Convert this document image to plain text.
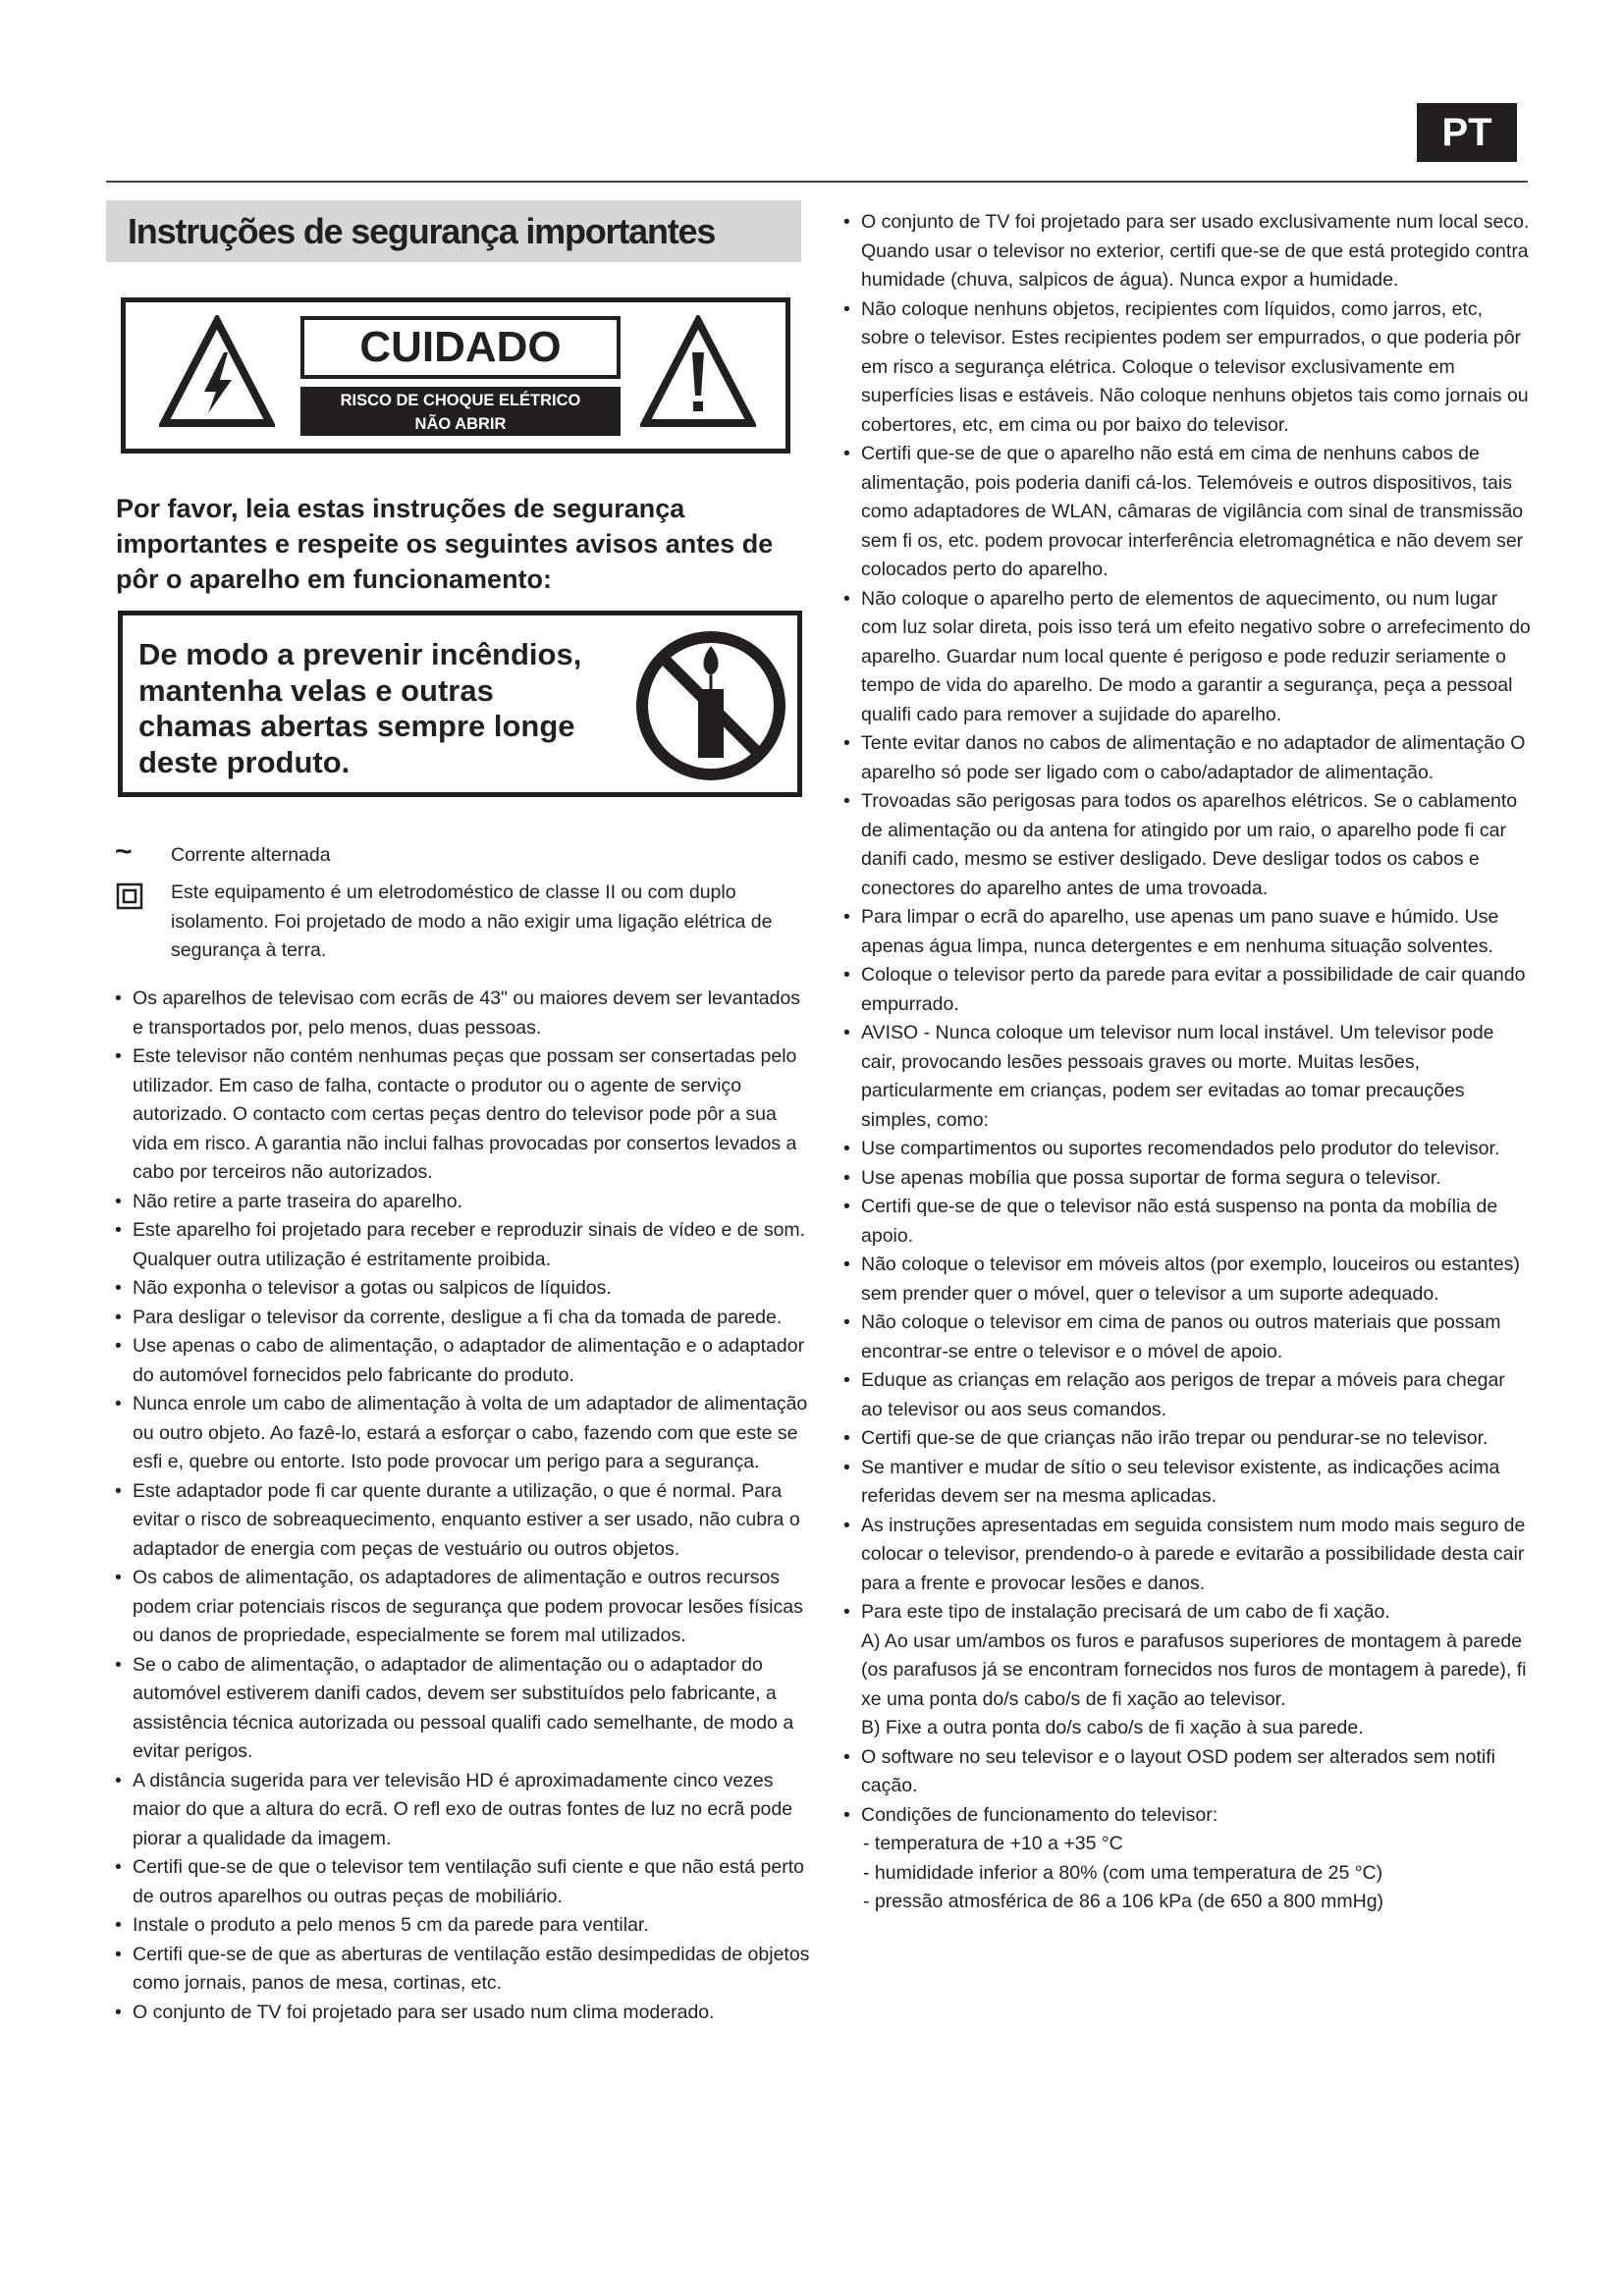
PT
Instruções de segurança importantes
CUIDADO
RISCO DE CHOQUE ELÉTRICO
NÃO ABRIR

Por favor, leia estas instruções de segurança importantes e respeite os seguintes avisos antes de pôr o aparelho em funcionamento:

De modo a prevenir incêndios, mantenha velas e outras chamas abertas sempre longe deste produto.

~	Corrente alternada
Este equipamento é um eletrodoméstico de classe II ou com duplo isolamento. Foi projetado de modo a não exigir uma ligação elétrica de segurança à terra.
• Os aparelhos de televisao com ecrãs de 43" ou maiores devem ser levantados e transportados por, pelo menos, duas pessoas.
• Este televisor não contém nenhumas peças que possam ser consertadas pelo utilizador. Em caso de falha, contacte o produtor ou o agente de serviço autorizado. O contacto com certas peças dentro do televisor pode pôr a sua vida em risco. A garantia não inclui falhas provocadas por consertos levados a cabo por terceiros não autorizados.
• Não retire a parte traseira do aparelho.
• Este aparelho foi projetado para receber e reproduzir sinais de vídeo e de som. Qualquer outra utilização é estritamente proibida.
• Não exponha o televisor a gotas ou salpicos de líquidos.
• Para desligar o televisor da corrente, desligue a fi cha da tomada de parede.
• Use apenas o cabo de alimentação, o adaptador de alimentação e o adaptador do automóvel fornecidos pelo fabricante do produto.
• Nunca enrole um cabo de alimentação à volta de um adaptador de alimentação ou outro objeto. Ao fazê-lo, estará a esforçar o cabo, fazendo com que este se esfi e, quebre ou entorte. Isto pode provocar um perigo para a segurança.
• Este adaptador pode fi car quente durante a utilização, o que é normal. Para evitar o risco de sobreaquecimento, enquanto estiver a ser usado, não cubra o adaptador de energia com peças de vestuário ou outros objetos.
• Os cabos de alimentação, os adaptadores de alimentação e outros recursos podem criar potenciais riscos de segurança que podem provocar lesões físicas ou danos de propriedade, especialmente se forem mal utilizados.
• Se o cabo de alimentação, o adaptador de alimentação ou o adaptador do automóvel estiverem danifi cados, devem ser substituídos pelo fabricante, a assistência técnica autorizada ou pessoal qualifi cado semelhante, de modo a evitar perigos.
• A distância sugerida para ver televisão HD é aproximadamente cinco vezes maior do que a altura do ecrã. O refl exo de outras fontes de luz no ecrã pode piorar a qualidade da imagem.
• Certifi que-se de que o televisor tem ventilação sufi ciente e que não está perto de outros aparelhos ou outras peças de mobiliário.
• Instale o produto a pelo menos 5 cm da parede para ventilar.
• Certifi que-se de que as aberturas de ventilação estão desimpedidas de objetos como jornais, panos de mesa, cortinas, etc.
• O conjunto de TV foi projetado para ser usado num clima moderado.
• O conjunto de TV foi projetado para ser usado exclusivamente num local seco. Quando usar o televisor no exterior, certifi que-se de que está protegido contra humidade (chuva, salpicos de água). Nunca expor a humidade.
• Não coloque nenhuns objetos, recipientes com líquidos, como jarros, etc, sobre o televisor. Estes recipientes podem ser empurrados, o que poderia pôr em risco a segurança elétrica. Coloque o televisor exclusivamente em superfícies lisas e estáveis. Não coloque nenhuns objetos tais como jornais ou cobertores, etc, em cima ou por baixo do televisor.
• Certifi que-se de que o aparelho não está em cima de nenhuns cabos de alimentação, pois poderia danifi cá-los. Telemóveis e outros dispositivos, tais como adaptadores de WLAN, câmaras de vigilância com sinal de transmissão sem fi os, etc. podem provocar interferência eletromagnética e não devem ser colocados perto do aparelho.
• Não coloque o aparelho perto de elementos de aquecimento, ou num lugar com luz solar direta, pois isso terá um efeito negativo sobre o arrefecimento do aparelho. Guardar num local quente é perigoso e pode reduzir seriamente o tempo de vida do aparelho. De modo a garantir a segurança, peça a pessoal qualifi cado para remover a sujidade do aparelho.
• Tente evitar danos no cabos de alimentação e no adaptador de alimentação O aparelho só pode ser ligado com o cabo/adaptador de alimentação.
• Trovoadas são perigosas para todos os aparelhos elétricos. Se o cablamento de alimentação ou da antena for atingido por um raio, o aparelho pode fi car danifi cado, mesmo se estiver desligado. Deve desligar todos os cabos e conectores do aparelho antes de uma trovoada.
• Para limpar o ecrã do aparelho, use apenas um pano suave e húmido. Use apenas água limpa, nunca detergentes e em nenhuma situação solventes.
• Coloque o televisor perto da parede para evitar a possibilidade de cair quando empurrado.
• AVISO - Nunca coloque um televisor num local instável. Um televisor pode cair, provocando lesões pessoais graves ou morte. Muitas lesões, particularmente em crianças, podem ser evitadas ao tomar precauções simples, como:
• Use compartimentos ou suportes recomendados pelo produtor do televisor.
• Use apenas mobília que possa suportar de forma segura o televisor.
• Certifi que-se de que o televisor não está suspenso na ponta da mobília de apoio.
• Não coloque o televisor em móveis altos (por exemplo, louceiros ou estantes) sem prender quer o móvel, quer o televisor a um suporte adequado.
• Não coloque o televisor em cima de panos ou outros materiais que possam encontrar-se entre o televisor e o móvel de apoio.
• Eduque as crianças em relação aos perigos de trepar a móveis para chegar ao televisor ou aos seus comandos.
• Certifi que-se de que crianças não irão trepar ou pendurar-se no televisor.
• Se mantiver e mudar de sítio o seu televisor existente, as indicações acima referidas devem ser na mesma aplicadas.
• As instruções apresentadas em seguida consistem num modo mais seguro de colocar o televisor, prendendo-o à parede e evitarão a possibilidade desta cair para a frente e provocar lesões e danos.
• Para este tipo de instalação precisará de um cabo de fi xação.
A) Ao usar um/ambos os furos e parafusos superiores de montagem à parede (os parafusos já se encontram fornecidos nos furos de montagem à parede), fi xe uma ponta do/s cabo/s de fi xação ao televisor.
B) Fixe a outra ponta do/s cabo/s de fi xação à sua parede.
• O software no seu televisor e o layout OSD podem ser alterados sem notifi cação.
• Condições de funcionamento do televisor:
- temperatura de +10 a +35 °C
- humididade inferior a 80% (com uma temperatura de 25 °C)
- pressão atmosférica de 86 a 106 kPa (de 650 a 800 mmHg)
